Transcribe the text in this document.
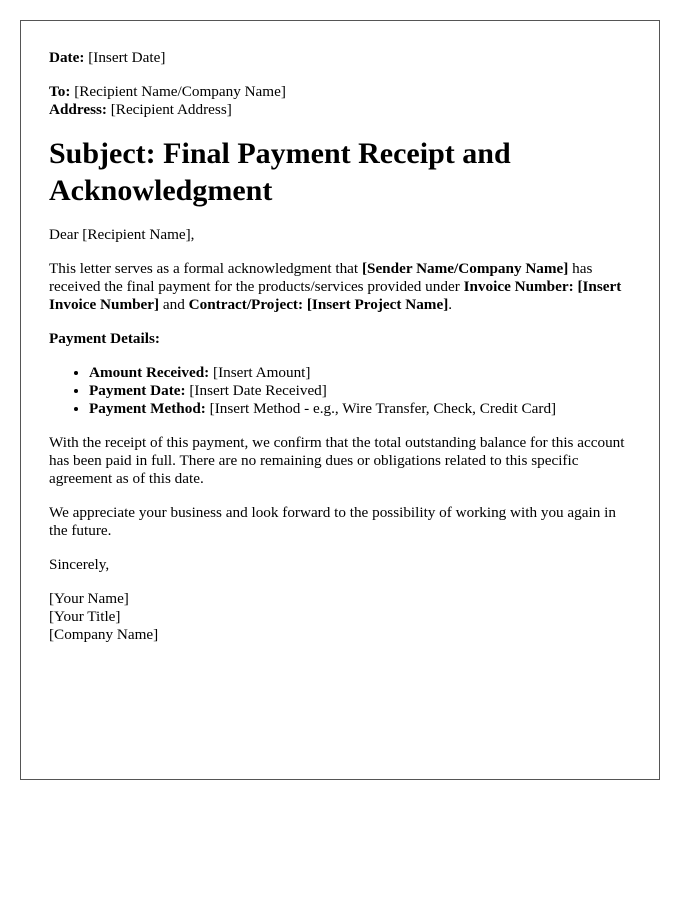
Date: [Insert Date]

To: [Recipient Name/Company Name]
Address: [Recipient Address]
Subject: Final Payment Receipt and Acknowledgment

Dear [Recipient Name],

This letter serves as a formal acknowledgment that [Sender Name/Company Name] has received the final payment for the products/services provided under Invoice Number: [Insert Invoice Number] and Contract/Project: [Insert Project Name].

Payment Details:
• Amount Received: [Insert Amount]
• Payment Date: [Insert Date Received]
• Payment Method: [Insert Method - e.g., Wire Transfer, Check, Credit Card]

With the receipt of this payment, we confirm that the total outstanding balance for this account has been paid in full. There are no remaining dues or obligations related to this specific agreement as of this date.

We appreciate your business and look forward to the possibility of working with you again in the future.

Sincerely,

[Your Name]
[Your Title]
[Company Name]
